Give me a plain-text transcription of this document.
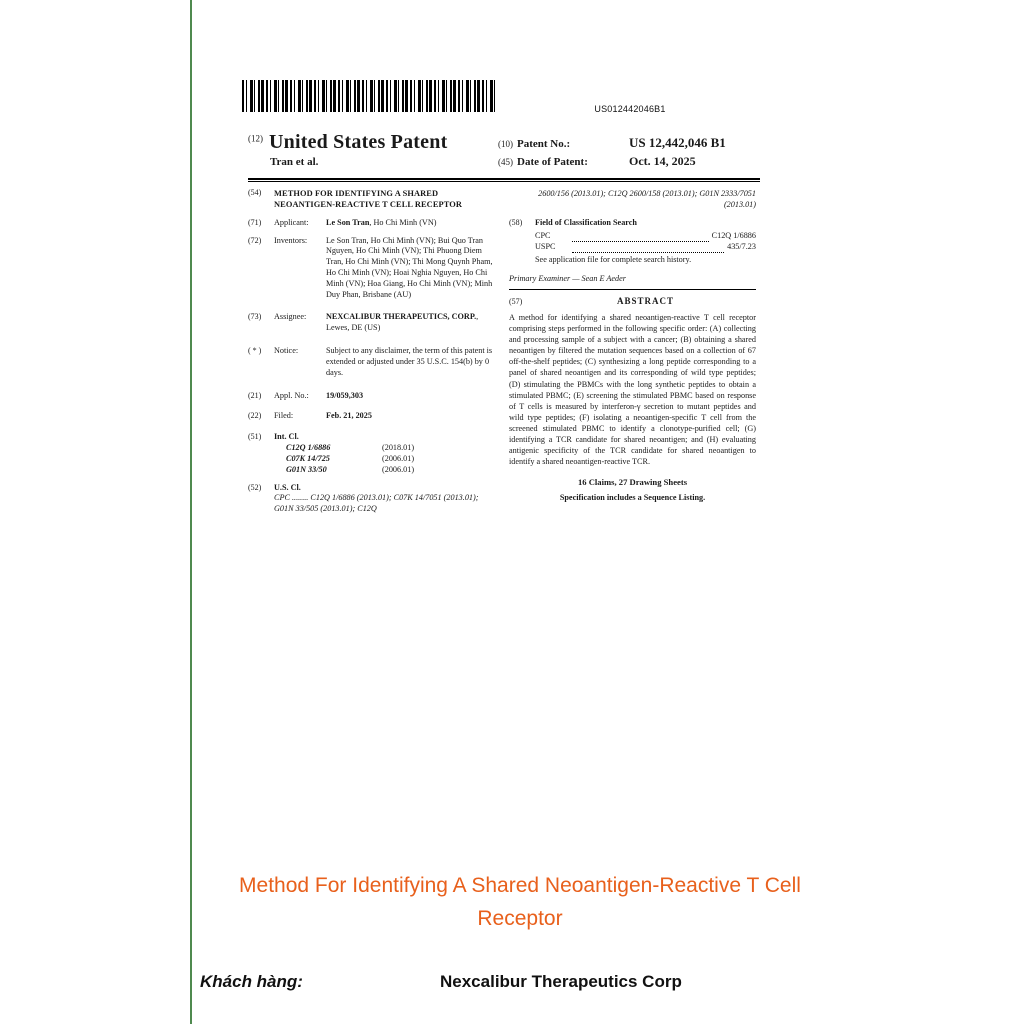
US012442046B1
$^{(12)}$ United States Patent
Tran et al.
(10) Patent No.:	US 12,442,046 B1
(45) Date of Patent:	Oct. 14, 2025
(54)	METHOD FOR IDENTIFYING A SHARED NEOANTIGEN-REACTIVE T CELL RECEPTOR
(71)	Applicant:	Le Son Tran, Ho Chi Minh (VN)
(72)	Inventors:	Le Son Tran, Ho Chi Minh (VN); Bui Quo Tran Nguyen, Ho Chi Minh (VN); Thi Phuong Diem Tran, Ho Chi Minh (VN); Thi Mong Quynh Pham, Ho Chi Minh (VN); Hoai Nghia Nguyen, Ho Chi Minh (VN); Hoa Giang, Ho Chi Minh (VN); Minh Duy Phan, Brisbane (AU)
(73)	Assignee:	NEXCALIBUR THERAPEUTICS, CORP., Lewes, DE (US)
( * )	Notice:	Subject to any disclaimer, the term of this patent is extended or adjusted under 35 U.S.C. 154(b) by 0 days.
(21)	Appl. No.:	19/059,303
(22)	Filed:	Feb. 21, 2025
(51)	Int. Cl.
C12Q 1/6886	(2018.01)
C07K 14/725	(2006.01)
G01N 33/50	(2006.01)
(52)	U.S. Cl.
CPC ........ C12Q 1/6886 (2013.01); C07K 14/7051 (2013.01); G01N 33/505 (2013.01); C12Q
2600/156 (2013.01); C12Q 2600/158 (2013.01); G01N 2333/7051 (2013.01)
(58)	Field of Classification Search
CPC	C12Q 1/6886
USPC	435/7.23
See application file for complete search history.
Primary Examiner — Sean E Aeder
(57)	ABSTRACT
A method for identifying a shared neoantigen-reactive T cell receptor comprising steps performed in the following specific order: (A) collecting and processing sample of a subject with a cancer; (B) obtaining a shared neoantigen by filtered the mutation sequences based on a collection of 67 off-the-shelf peptides; (C) synthesizing a long peptide corresponding to a panel of shared neoantigen and its corresponding of wild type peptides; (D) stimulating the PBMCs with the long synthetic peptides to obtain a stimulated PBMC; (E) screening the stimulated PBMC based on response of T cells is measured by interferon-γ secretion to mutant peptides and wild type peptides; (F) isolating a neoantigen-specific T cell from the screened stimulated PBMC to identify a clonotype-purified cell; (G) identifying a TCR candidate for shared neoantigen; and (H) evaluating antigenic specificity of the TCR candidate for shared neoantigen to identify a shared neoantigen-reactive TCR.
16 Claims, 27 Drawing Sheets
Specification includes a Sequence Listing.
Method For Identifying A Shared Neoantigen-Reactive T Cell Receptor
Khách hàng:	Nexcalibur Therapeutics Corp
